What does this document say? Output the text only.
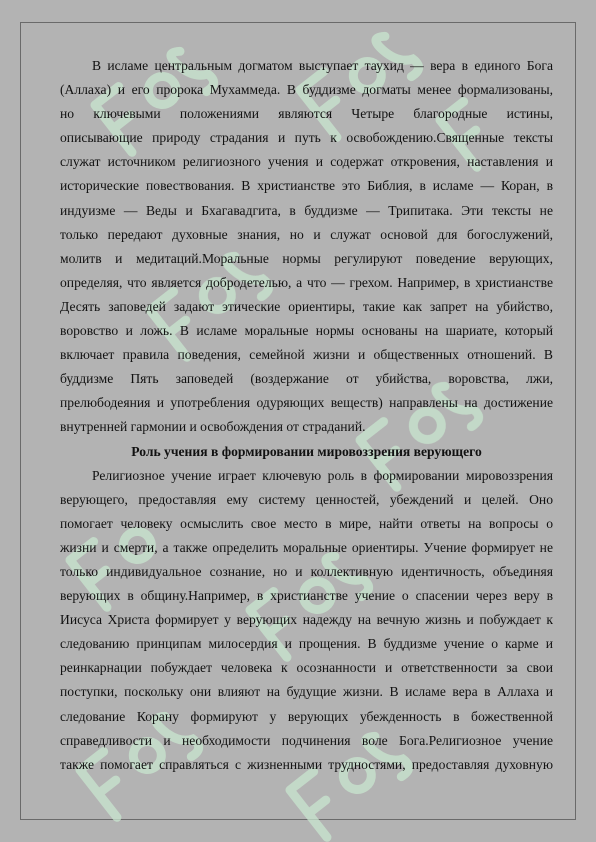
В исламе центральным догматом выступает таухид — вера в единого Бога
(Аллаха) и его пророка Мухаммеда. В буддизме догматы менее формализованы,
но ключевыми положениями являются Четыре благородные истины,
описывающие природу страдания и путь к освобождению.Священные тексты
служат источником религиозного учения и содержат откровения, наставления и
исторические повествования. В христианстве это Библия, в исламе — Коран, в
индуизме — Веды и Бхагавадгита, в буддизме — Трипитака. Эти тексты не
только передают духовные знания, но и служат основой для богослужений,
молитв и медитаций.Моральные нормы регулируют поведение верующих,
определяя, что является добродетелью, а что — грехом. Например, в христианстве
Десять заповедей задают этические ориентиры, такие как запрет на убийство,
воровство и ложь. В исламе моральные нормы основаны на шариате, который
включает правила поведения, семейной жизни и общественных отношений. В
буддизме Пять заповедей (воздержание от убийства, воровства, лжи,
прелюбодеяния и употребления одуряющих веществ) направлены на достижение
внутренней гармонии и освобождения от страданий.
Роль учения в формировании мировоззрения верующего
Религиозное учение играет ключевую роль в формировании мировоззрения
верующего, предоставляя ему систему ценностей, убеждений и целей. Оно
помогает человеку осмыслить свое место в мире, найти ответы на вопросы о
жизни и смерти, а также определить моральные ориентиры. Учение формирует не
только индивидуальное сознание, но и коллективную идентичность, объединяя
верующих в общину.Например, в христианстве учение о спасении через веру в
Иисуса Христа формирует у верующих надежду на вечную жизнь и побуждает к
следованию принципам милосердия и прощения. В буддизме учение о карме и
реинкарнации побуждает человека к осознанности и ответственности за свои
поступки, поскольку они влияют на будущие жизни. В исламе вера в Аллаха и
следование Корану формируют у верующих убежденность в божественной
справедливости и необходимости подчинения воле Бога.Религиозное учение
также помогает справляться с жизненными трудностями, предоставляя духовную
